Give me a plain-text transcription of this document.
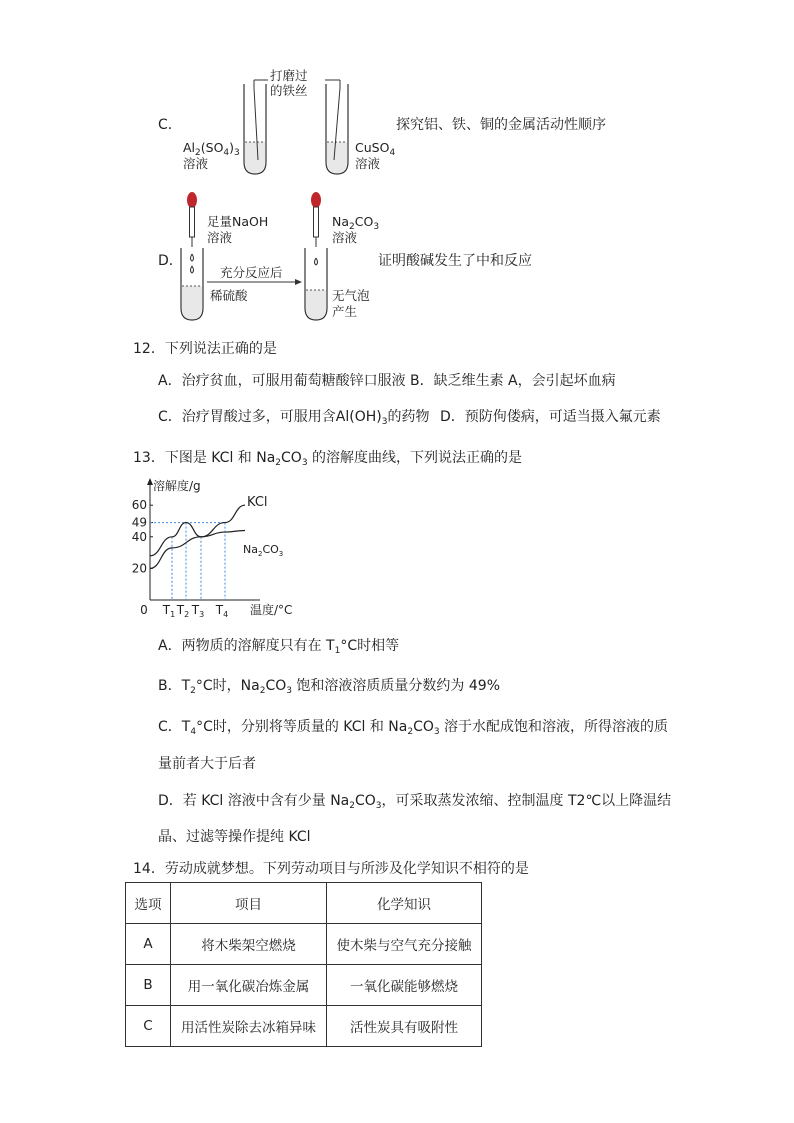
C．
打磨过
的铁丝
$Al_2(SO_4)_3$
溶液
CuSO$_4$
溶液
探究铝、铁、铜的金属活动性顺序
D．
足量NaOH
溶液
充分反应后
稀硫酸
$Na_2CO_3$
溶液
无气泡
产生
证明酸碱发生了中和反应
12．下列说法正确的是
A．治疗贫血，可服用葡萄糖酸锌口服液 B．缺乏维生素 A，会引起坏血病
C．治疗胃酸过多，可服用含$Al(OH)_3$的药物 D．预防佝偻病，可适当摄入氟元素
13．下图是 KCl 和 $Na_2CO_3$ 的溶解度曲线，下列说法正确的是
20
40
49
60
0 $T_1$ $T_2$ $T_3$ $T_4$
溶解度/g
温度/°C
KCl
$Na_2CO_3$
A．两物质的溶解度只有在 $T_1^\circ C$时相等
B．$T_2^\circ C$时，$Na_2CO_3$ 饱和溶液溶质质量分数约为 49%
C．$T_4^\circ C$时，分别将等质量的 KCl 和 $Na_2CO_3$ 溶于水配成饱和溶液，所得溶液的质
量前者大于后者
D．若 KCl 溶液中含有少量 $Na_2CO_3$，可采取蒸发浓缩、控制温度 T2℃以上降温结
晶、过滤等操作提纯 KCl
14．劳动成就梦想。下列劳动项目与所涉及化学知识不相符的是
选项	项目	化学知识
A	将木柴架空燃烧	使木柴与空气充分接触
B	用一氧化碳冶炼金属	一氧化碳能够燃烧
C	用活性炭除去冰箱异味	活性炭具有吸附性
